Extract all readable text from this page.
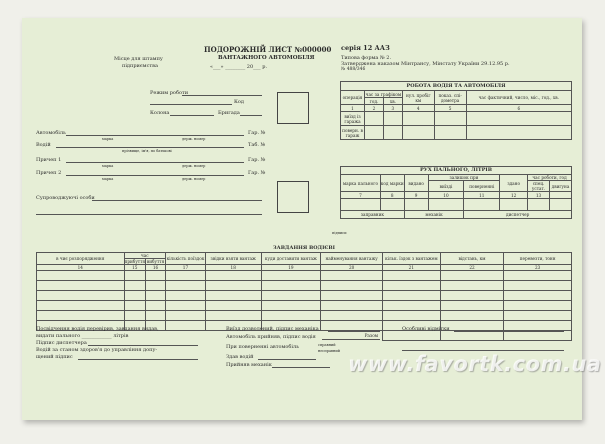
Місце для штампу
підприємства
ПОДОРОЖНІЙ ЛИСТ №000000
ВАНТАЖНОГО АВТОМОБІЛЯ
«___» ________ 20___ р.
серія 12 ААЗ
Типова форма № 2.
Затверджена наказом Мінтрансу, Мінстату України 29.12.95 р.
№ 488/346
Режим роботи
Код
Колона	Бригада
Автомобіль
марка	держ. номер
Гар. №
Водій
прізвище, ім'я, по батькові
Таб. №
Причеп 1
марка	держ. номер
Гар. №
Причеп 2
марка	держ. номер
Гар. №
Супроводжуючі особи
РОБОТА ВОДІЯ ТА АВТОМОБІЛЯ					
операція	час за графіком		нул. пробіг км	показ. спі-дометра	час фактичний, число, міс., год., хв.
	год.	хв.			
1	2	3	4	5	6
виїзд із гаража					
поверн. в гараж					
РУХ ПАЛЬНОГО, ЛІТРІВ							
марка пального	код марки	видано	залишок при		здано	час роботи, год	
			виїзді	поверненні		спец. устат.	двигуна
7	8	9	10	11	12	13	

заправник		механік		диспетчер			
підписи
ЗАВДАННЯ ВОДІЄВІ									
в чиє розпорядження	час		кількість поїздок	звідки взяти вантаж	куди доставити вантаж	найменування вантажу	кільк. їздок з вантажем	відстань, км	перевезти, тонн
	прибуття	вибуття							
14	15	16	17	18	19	20	21	22	23

Разом									
Посвідчення водія перевірив, завдання видав,
видати пального ____________ літрів
Підпис диспетчера
Водій за станом здоров'я до управління допу-
щений підпис
Виїзд дозволений, підпис механіка
Автомобіль прийняв, підпис водія
При поверненні автомобіль	справний
несправний
Здав водій
Прийняв механік
Особливі відмітки
www.favortk.com.ua
